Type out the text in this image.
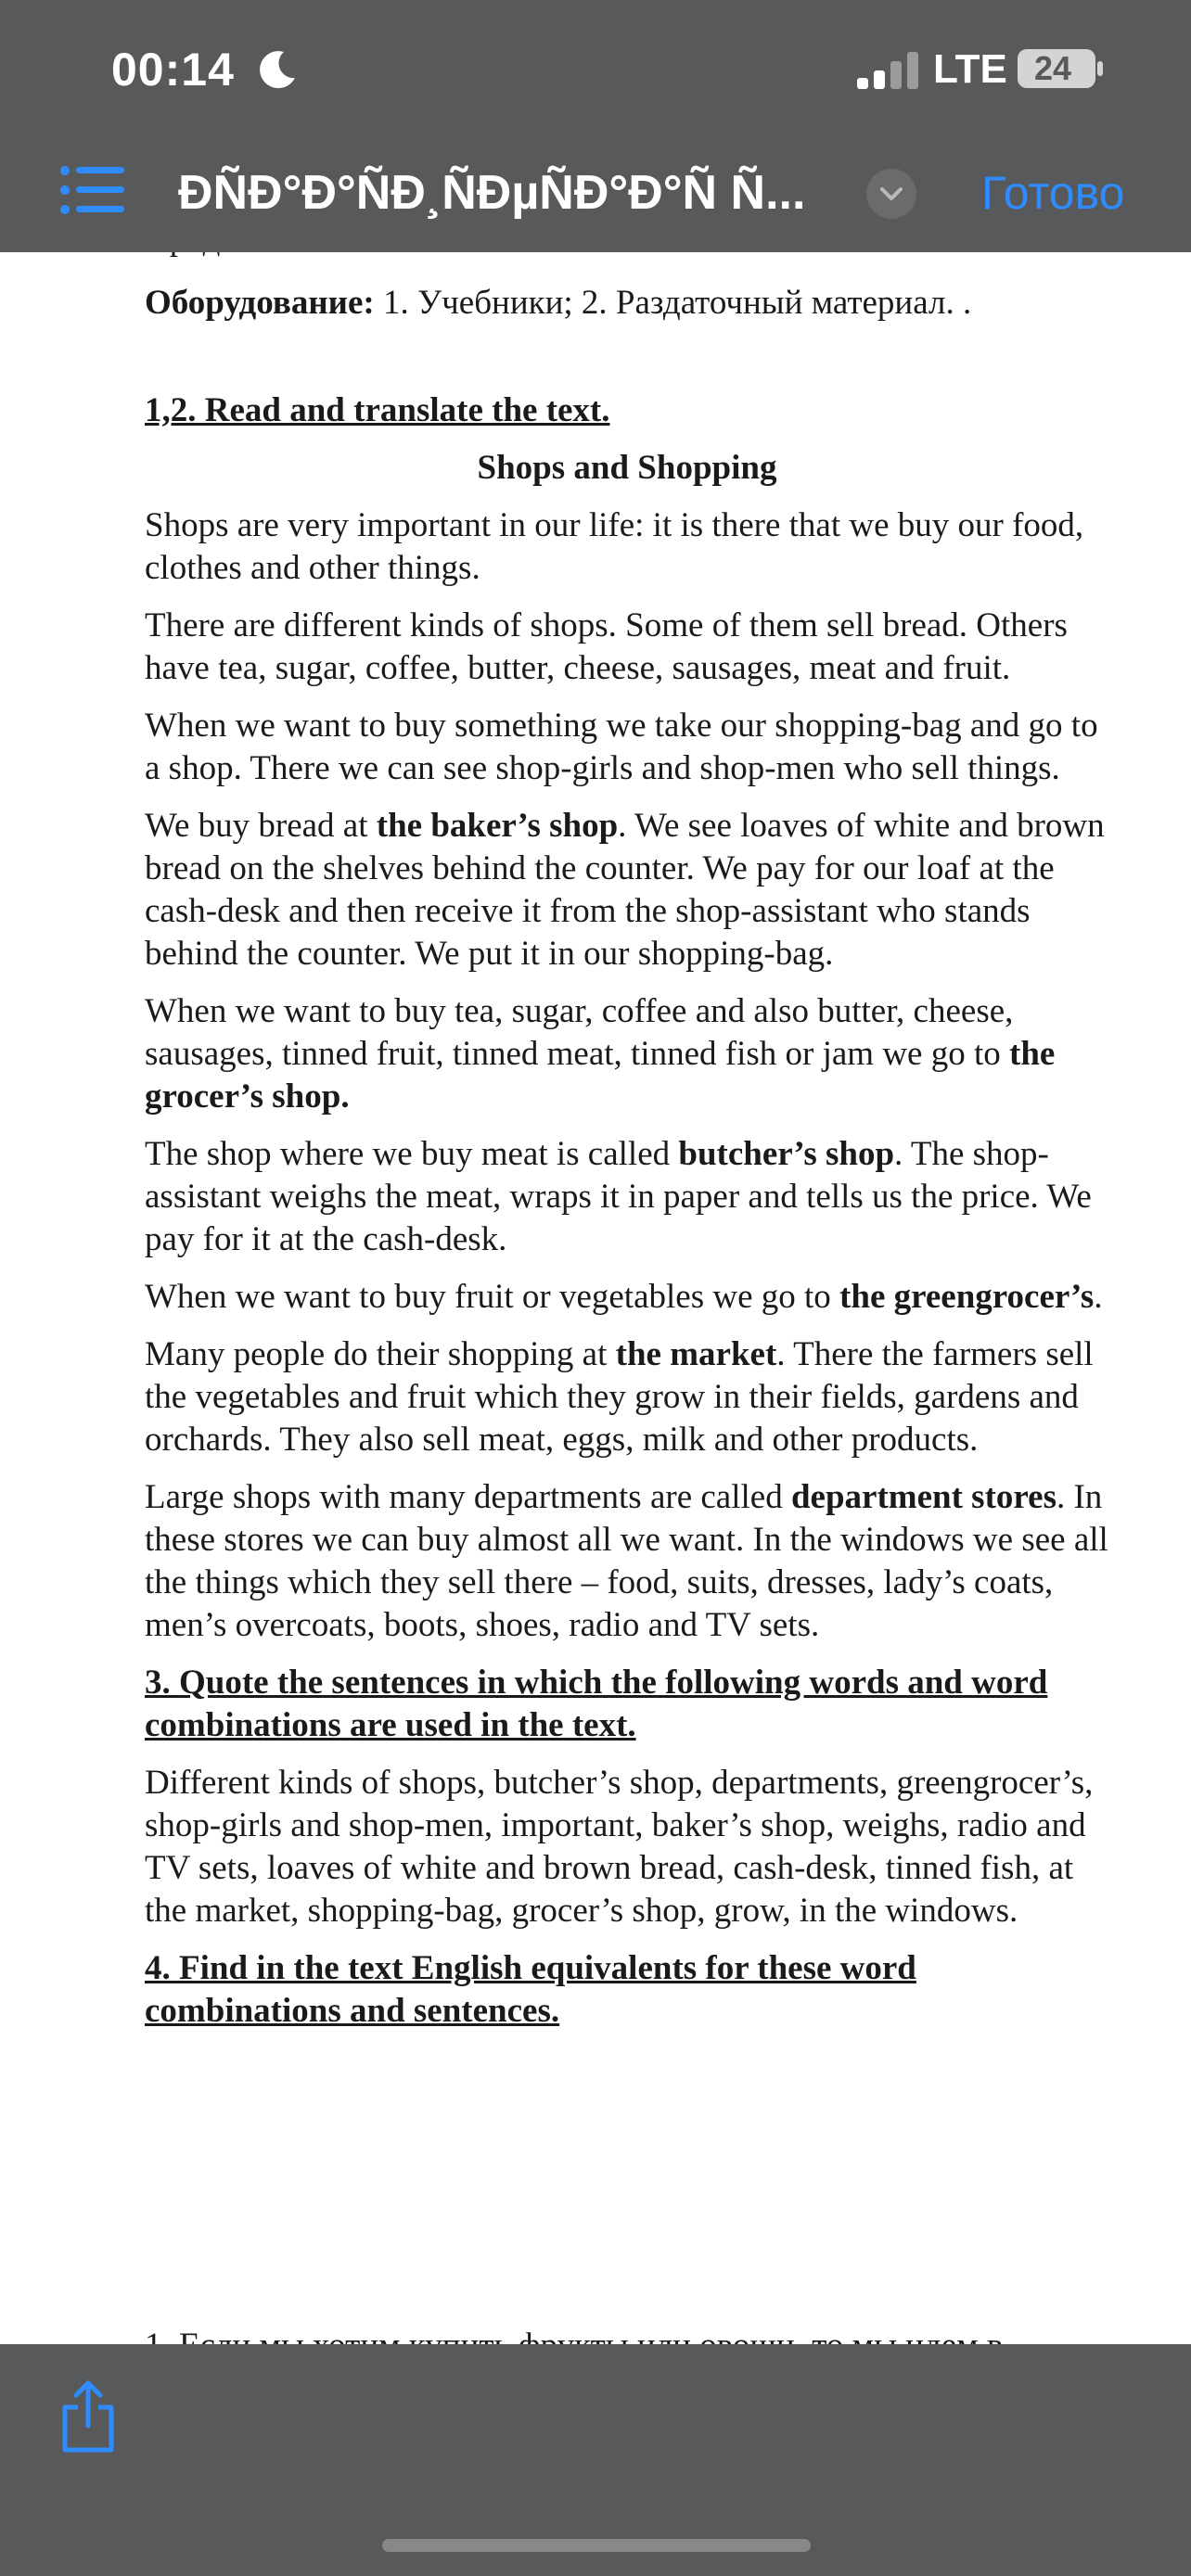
00:14	LTE 24
ÐÑÐ°Ð°ÑÐ¸ÑÐµÑÐ°Ð°Ñ Ñ...	Готово

Оборудование: 1. Учебники; 2. Раздаточный материал. .

1,2. Read and translate the text.

Shops and Shopping

Shops are very important in our life: it is there that we buy our food, clothes and other things.

There are different kinds of shops. Some of them sell bread. Others have tea, sugar, coffee, butter, cheese, sausages, meat and fruit.

When we want to buy something we take our shopping-bag and go to a shop. There we can see shop-girls and shop-men who sell things.

We buy bread at the baker’s shop. We see loaves of white and brown bread on the shelves behind the counter. We pay for our loaf at the cash-desk and then receive it from the shop-assistant who stands behind the counter. We put it in our shopping-bag.

When we want to buy tea, sugar, coffee and also butter, cheese, sausages, tinned fruit, tinned meat, tinned fish or jam we go to the grocer’s shop.

The shop where we buy meat is called butcher’s shop. The shop-assistant weighs the meat, wraps it in paper and tells us the price. We pay for it at the cash-desk.

When we want to buy fruit or vegetables we go to the greengrocer’s.

Many people do their shopping at the market. There the farmers sell the vegetables and fruit which they grow in their fields, gardens and orchards. They also sell meat, eggs, milk and other products.

Large shops with many departments are called department stores. In these stores we can buy almost all we want. In the windows we see all the things which they sell there – food, suits, dresses, lady’s coats, men’s overcoats, boots, shoes, radio and TV sets.

3. Quote the sentences in which the following words and word combinations are used in the text.

Different kinds of shops, butcher’s shop, departments, greengrocer’s, shop-girls and shop-men, important, baker’s shop, weighs, radio and TV sets, loaves of white and brown bread, cash-desk, tinned fish, at the market, shopping-bag, grocer’s shop, grow, in the windows.

4. Find in the text English equivalents for these word combinations and sentences.
